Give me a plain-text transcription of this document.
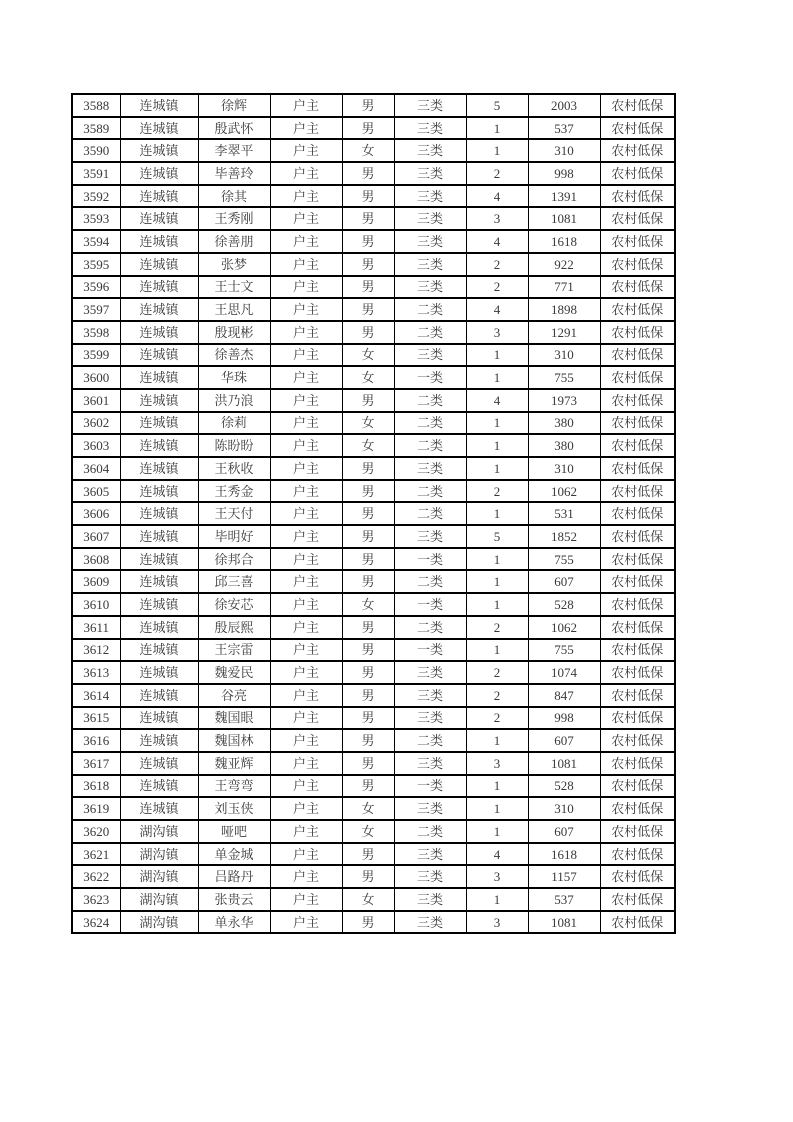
3588	连城镇	徐辉	户主	男	三类	5	2003	农村低保
3589	连城镇	殷武怀	户主	男	三类	1	537	农村低保
3590	连城镇	李翠平	户主	女	三类	1	310	农村低保
3591	连城镇	毕善玲	户主	男	三类	2	998	农村低保
3592	连城镇	徐其	户主	男	三类	4	1391	农村低保
3593	连城镇	王秀刚	户主	男	三类	3	1081	农村低保
3594	连城镇	徐善朋	户主	男	三类	4	1618	农村低保
3595	连城镇	张梦	户主	男	三类	2	922	农村低保
3596	连城镇	王士文	户主	男	三类	2	771	农村低保
3597	连城镇	王思凡	户主	男	二类	4	1898	农村低保
3598	连城镇	殷现彬	户主	男	二类	3	1291	农村低保
3599	连城镇	徐善杰	户主	女	三类	1	310	农村低保
3600	连城镇	华珠	户主	女	一类	1	755	农村低保
3601	连城镇	洪乃浪	户主	男	二类	4	1973	农村低保
3602	连城镇	徐莉	户主	女	二类	1	380	农村低保
3603	连城镇	陈盼盼	户主	女	二类	1	380	农村低保
3604	连城镇	王秋收	户主	男	三类	1	310	农村低保
3605	连城镇	王秀金	户主	男	二类	2	1062	农村低保
3606	连城镇	王天付	户主	男	二类	1	531	农村低保
3607	连城镇	毕明好	户主	男	三类	5	1852	农村低保
3608	连城镇	徐邦合	户主	男	一类	1	755	农村低保
3609	连城镇	邱三喜	户主	男	二类	1	607	农村低保
3610	连城镇	徐安芯	户主	女	一类	1	528	农村低保
3611	连城镇	殷辰熙	户主	男	二类	2	1062	农村低保
3612	连城镇	王宗雷	户主	男	一类	1	755	农村低保
3613	连城镇	魏爱民	户主	男	三类	2	1074	农村低保
3614	连城镇	谷亮	户主	男	三类	2	847	农村低保
3615	连城镇	魏国眼	户主	男	三类	2	998	农村低保
3616	连城镇	魏国林	户主	男	二类	1	607	农村低保
3617	连城镇	魏亚辉	户主	男	三类	3	1081	农村低保
3618	连城镇	王弯弯	户主	男	一类	1	528	农村低保
3619	连城镇	刘玉侠	户主	女	三类	1	310	农村低保
3620	湖沟镇	哑吧	户主	女	二类	1	607	农村低保
3621	湖沟镇	单金城	户主	男	三类	4	1618	农村低保
3622	湖沟镇	吕路丹	户主	男	三类	3	1157	农村低保
3623	湖沟镇	张贵云	户主	女	三类	1	537	农村低保
3624	湖沟镇	单永华	户主	男	三类	3	1081	农村低保
